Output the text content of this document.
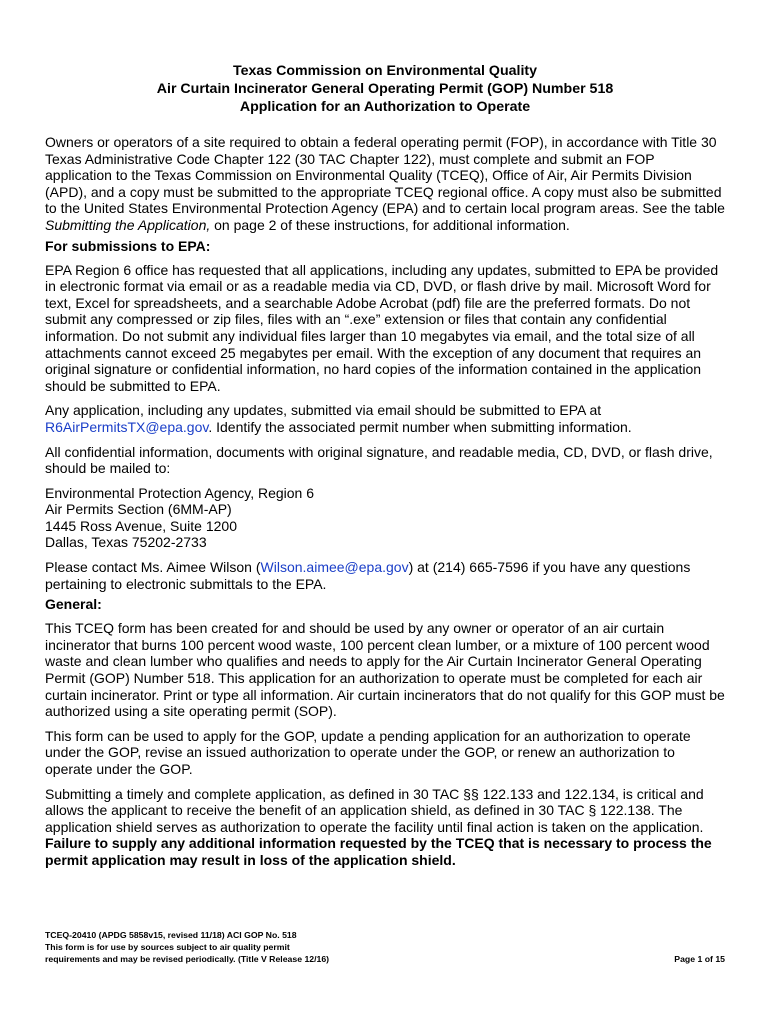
Texas Commission on Environmental Quality
Air Curtain Incinerator General Operating Permit (GOP) Number 518
Application for an Authorization to Operate

Owners or operators of a site required to obtain a federal operating permit (FOP), in accordance with Title 30 Texas Administrative Code Chapter 122 (30 TAC Chapter 122), must complete and submit an FOP application to the Texas Commission on Environmental Quality (TCEQ), Office of Air, Air Permits Division (APD), and a copy must be submitted to the appropriate TCEQ regional office. A copy must also be submitted to the United States Environmental Protection Agency (EPA) and to certain local program areas. See the table Submitting the Application, on page 2 of these instructions, for additional information.

For submissions to EPA:

EPA Region 6 office has requested that all applications, including any updates, submitted to EPA be provided in electronic format via email or as a readable media via CD, DVD, or flash drive by mail. Microsoft Word for text, Excel for spreadsheets, and a searchable Adobe Acrobat (pdf) file are the preferred formats. Do not submit any compressed or zip files, files with an “.exe” extension or files that contain any confidential information. Do not submit any individual files larger than 10 megabytes via email, and the total size of all attachments cannot exceed 25 megabytes per email. With the exception of any document that requires an original signature or confidential information, no hard copies of the information contained in the application should be submitted to EPA.

Any application, including any updates, submitted via email should be submitted to EPA at R6AirPermitsTX@epa.gov. Identify the associated permit number when submitting information.

All confidential information, documents with original signature, and readable media, CD, DVD, or flash drive, should be mailed to:

Environmental Protection Agency, Region 6
Air Permits Section (6MM-AP)
1445 Ross Avenue, Suite 1200
Dallas, Texas 75202-2733

Please contact Ms. Aimee Wilson (Wilson.aimee@epa.gov) at (214) 665-7596 if you have any questions pertaining to electronic submittals to the EPA.

General:

This TCEQ form has been created for and should be used by any owner or operator of an air curtain incinerator that burns 100 percent wood waste, 100 percent clean lumber, or a mixture of 100 percent wood waste and clean lumber who qualifies and needs to apply for the Air Curtain Incinerator General Operating Permit (GOP) Number 518. This application for an authorization to operate must be completed for each air curtain incinerator. Print or type all information. Air curtain incinerators that do not qualify for this GOP must be authorized using a site operating permit (SOP).

This form can be used to apply for the GOP, update a pending application for an authorization to operate under the GOP, revise an issued authorization to operate under the GOP, or renew an authorization to operate under the GOP.

Submitting a timely and complete application, as defined in 30 TAC §§ 122.133 and 122.134, is critical and allows the applicant to receive the benefit of an application shield, as defined in 30 TAC § 122.138. The application shield serves as authorization to operate the facility until final action is taken on the application.
Failure to supply any additional information requested by the TCEQ that is necessary to process the permit application may result in loss of the application shield.

TCEQ-20410 (APDG 5858v15, revised 11/18) ACI GOP No. 518
This form is for use by sources subject to air quality permit
requirements and may be revised periodically. (Title V Release 12/16)	Page 1 of 15
